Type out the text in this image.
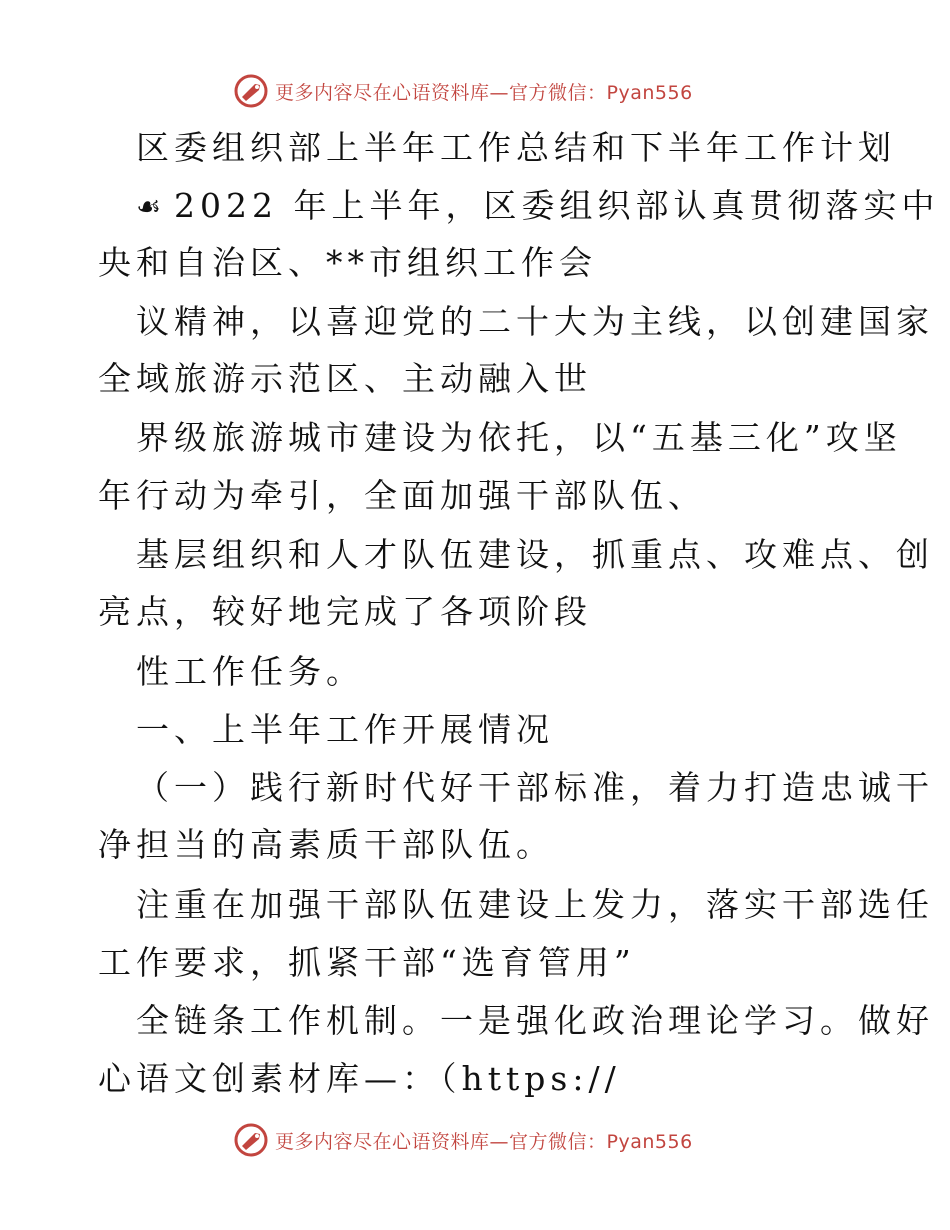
更多内容尽在心语资料库—官方微信：Pyan556
区委组织部上半年工作总结和下半年工作计划
☙ 2022 年上半年，区委组织部认真贯彻落实中
央和自治区、**市组织工作会
议精神，以喜迎党的二十大为主线，以创建国家
全域旅游示范区、主动融入世
界级旅游城市建设为依托，以“五基三化”攻坚
年行动为牵引，全面加强干部队伍、
基层组织和人才队伍建设，抓重点、攻难点、创
亮点，较好地完成了各项阶段
性工作任务。
一、上半年工作开展情况
（一）践行新时代好干部标准，着力打造忠诚干
净担当的高素质干部队伍。
注重在加强干部队伍建设上发力，落实干部选任
工作要求，抓紧干部“选育管用”
全链条工作机制。一是强化政治理论学习。做好
心语文创素材库—：（https://
更多内容尽在心语资料库—官方微信：Pyan556
